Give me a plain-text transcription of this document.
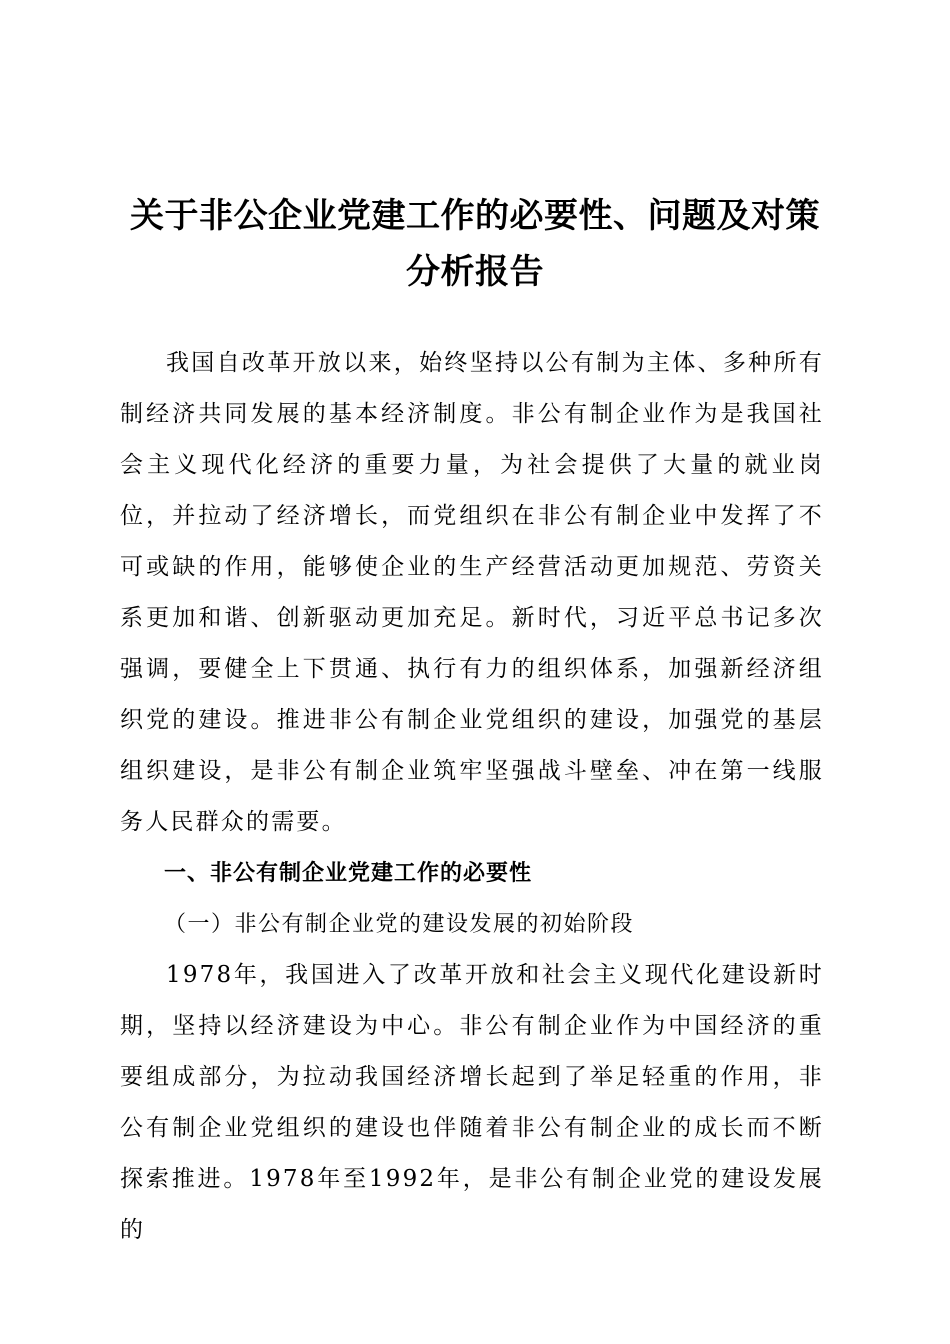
关于非公企业党建工作的必要性、问题及对策
分析报告

我国自改革开放以来，始终坚持以公有制为主体、多种所有制经济共同发展的基本经济制度。非公有制企业作为是我国社会主义现代化经济的重要力量，为社会提供了大量的就业岗位，并拉动了经济增长，而党组织在非公有制企业中发挥了不可或缺的作用，能够使企业的生产经营活动更加规范、劳资关系更加和谐、创新驱动更加充足。新时代，习近平总书记多次强调，要健全上下贯通、执行有力的组织体系，加强新经济组织党的建设。推进非公有制企业党组织的建设，加强党的基层组织建设，是非公有制企业筑牢坚强战斗壁垒、冲在第一线服务人民群众的需要。

一、非公有制企业党建工作的必要性

（一）非公有制企业党的建设发展的初始阶段

1978年，我国进入了改革开放和社会主义现代化建设新时期，坚持以经济建设为中心。非公有制企业作为中国经济的重要组成部分，为拉动我国经济增长起到了举足轻重的作用，非公有制企业党组织的建设也伴随着非公有制企业的成长而不断探索推进。1978年至1992年，是非公有制企业党的建设发展的
